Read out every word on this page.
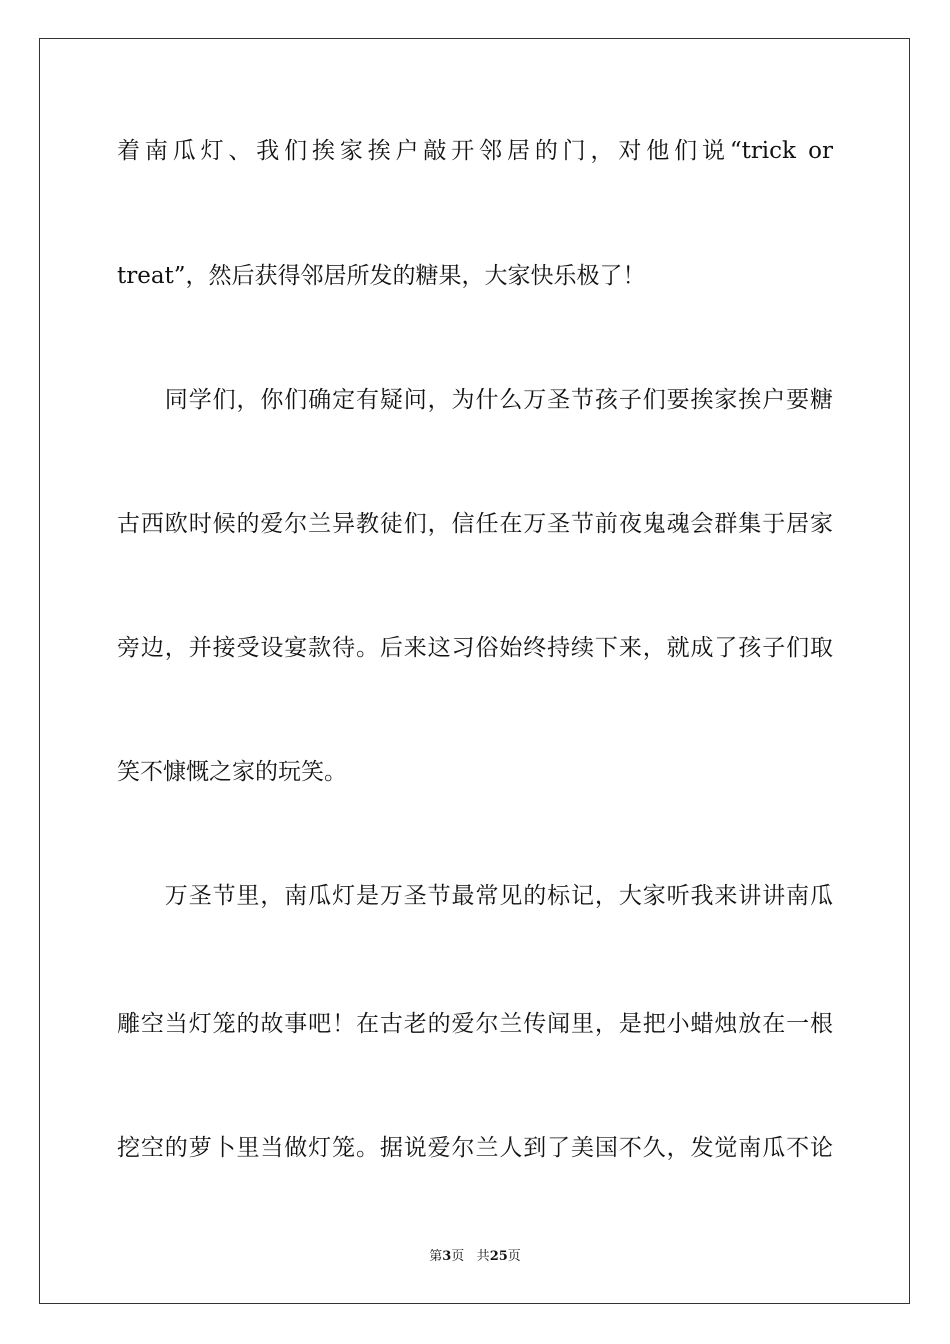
着南瓜灯、我们挨家挨户敲开邻居的门，对他们说“trick or
treat”，然后获得邻居所发的糖果，大家快乐极了！
　　同学们，你们确定有疑问，为什么万圣节孩子们要挨家挨户要糖
古西欧时候的爱尔兰异教徒们，信任在万圣节前夜鬼魂会群集于居家
旁边，并接受设宴款待。后来这习俗始终持续下来，就成了孩子们取
笑不慷慨之家的玩笑。
　　万圣节里，南瓜灯是万圣节最常见的标记，大家听我来讲讲南瓜
雕空当灯笼的故事吧！在古老的爱尔兰传闻里，是把小蜡烛放在一根
挖空的萝卜里当做灯笼。据说爱尔兰人到了美国不久，发觉南瓜不论
第3页 共25页
